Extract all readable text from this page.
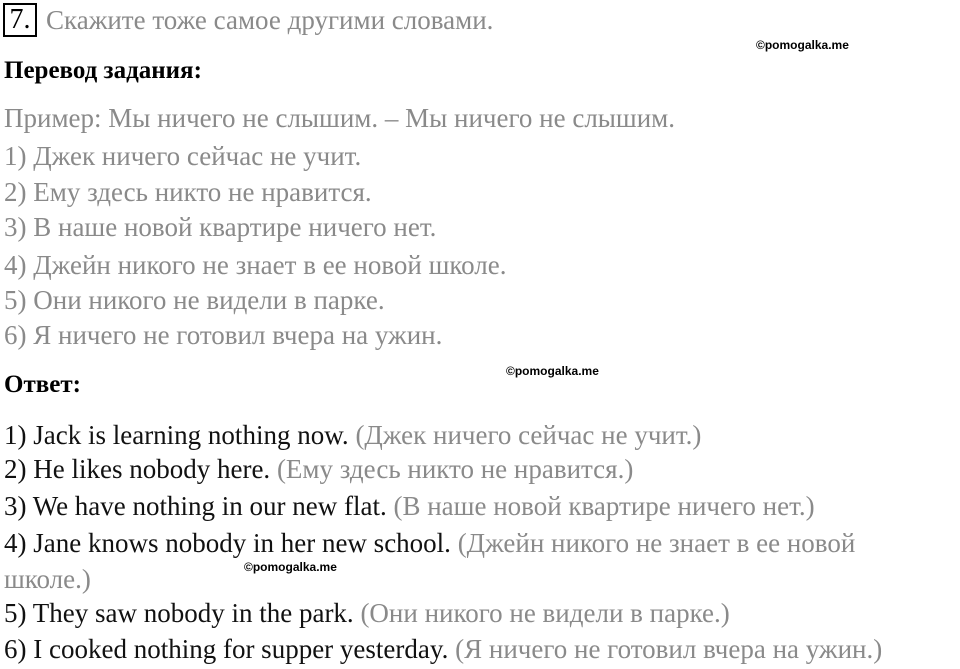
7. Скажите тоже самое другими словами.
©pomogalka.me
Перевод задания:
Пример: Мы ничего не слышим. – Мы ничего не слышим.
1) Джек ничего сейчас не учит.
2) Ему здесь никто не нравится.
3) В наше новой квартире ничего нет.
4) Джейн никого не знает в ее новой школе.
5) Они никого не видели в парке.
6) Я ничего не готовил вчера на ужин.
Ответ:	©pomogalka.me
1) Jack is learning nothing now. (Джек ничего сейчас не учит.)
2) He likes nobody here. (Ему здесь никто не нравится.)
3) We have nothing in our new flat. (В наше новой квартире ничего нет.)
4) Jane knows nobody in her new school. (Джейн никого не знает в ее новой
школе.)	©pomogalka.me
5) They saw nobody in the park. (Они никого не видели в парке.)
6) I cooked nothing for supper yesterday. (Я ничего не готовил вчера на ужин.)
